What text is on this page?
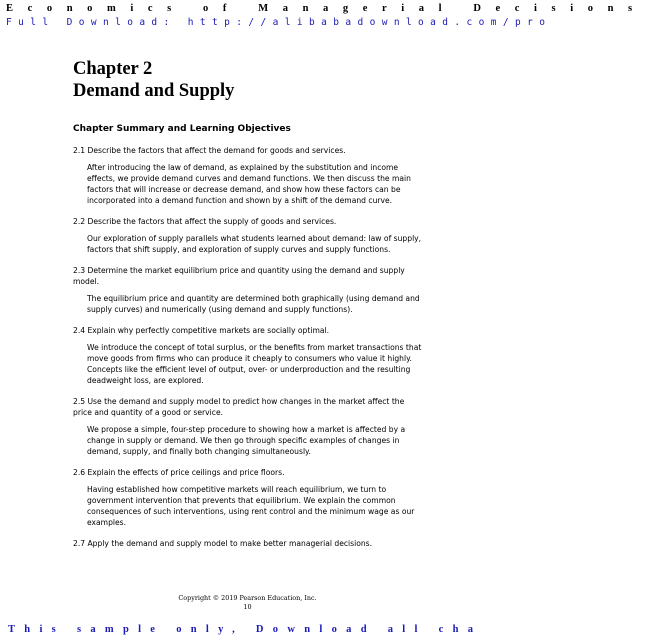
Economics of Managerial Decisions
Full Download: http://alibabadownload.com/pro
Chapter 2
Demand and Supply
Chapter Summary and Learning Objectives
2.1 Describe the factors that affect the demand for goods and services.
After introducing the law of demand, as explained by the substitution and income effects, we provide demand curves and demand functions. We then discuss the main factors that will increase or decrease demand, and show how these factors can be incorporated into a demand function and shown by a shift of the demand curve.
2.2 Describe the factors that affect the supply of goods and services.
Our exploration of supply parallels what students learned about demand: law of supply, factors that shift supply, and exploration of supply curves and supply functions.
2.3 Determine the market equilibrium price and quantity using the demand and supply model.
The equilibrium price and quantity are determined both graphically (using demand and supply curves) and numerically (using demand and supply functions).
2.4 Explain why perfectly competitive markets are socially optimal.
We introduce the concept of total surplus, or the benefits from market transactions that move goods from firms who can produce it cheaply to consumers who value it highly. Concepts like the efficient level of output, over- or underproduction and the resulting deadweight loss, are explored.
2.5 Use the demand and supply model to predict how changes in the market affect the price and quantity of a good or service.
We propose a simple, four-step procedure to showing how a market is affected by a change in supply or demand. We then go through specific examples of changes in demand, supply, and finally both changing simultaneously.
2.6 Explain the effects of price ceilings and price floors.
Having established how competitive markets will reach equilibrium, we turn to government intervention that prevents that equilibrium. We explain the common consequences of such interventions, using rent control and the minimum wage as our examples.
2.7 Apply the demand and supply model to make better managerial decisions.
Copyright © 2019 Pearson Education, Inc.
10
This sample only, Download all cha
